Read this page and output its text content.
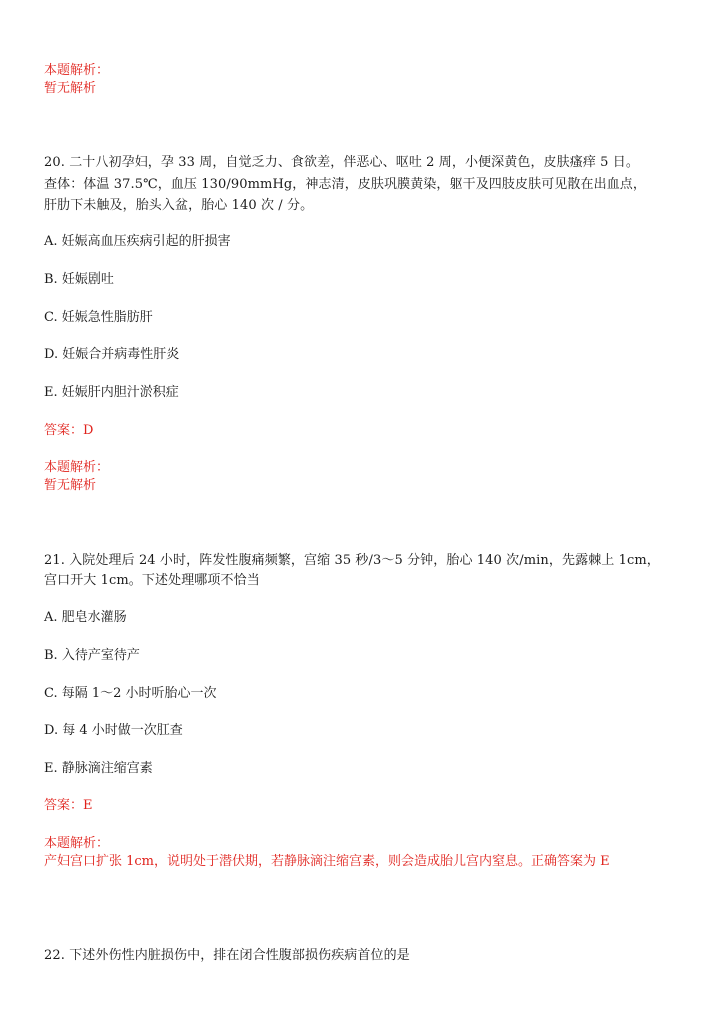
本题解析：
暂无解析
20. 二十八初孕妇，孕 33 周，自觉乏力、食欲差，伴恶心、呕吐 2 周，小便深黄色，皮肤瘙痒 5 日。
查体：体温 37.5℃，血压 130/90mmHg，神志清，皮肤巩膜黄染，躯干及四肢皮肤可见散在出血点，
肝肋下未触及，胎头入盆，胎心 140 次 / 分。
A. 妊娠高血压疾病引起的肝损害
B. 妊娠剧吐
C. 妊娠急性脂肪肝
D. 妊娠合并病毒性肝炎
E. 妊娠肝内胆汁淤积症
答案：D
本题解析：
暂无解析
21. 入院处理后 24 小时，阵发性腹痛频繁，宫缩 35 秒/3～5 分钟，胎心 140 次/min，先露棘上 1cm，
宫口开大 1cm。下述处理哪项不恰当
A. 肥皂水灌肠
B. 入待产室待产
C. 每隔 1～2 小时听胎心一次
D. 每 4 小时做一次肛查
E. 静脉滴注缩宫素
答案：E
本题解析：
产妇宫口扩张 1cm，说明处于潜伏期，若静脉滴注缩宫素，则会造成胎儿宫内窒息。正确答案为 E
22. 下述外伤性内脏损伤中，排在闭合性腹部损伤疾病首位的是
